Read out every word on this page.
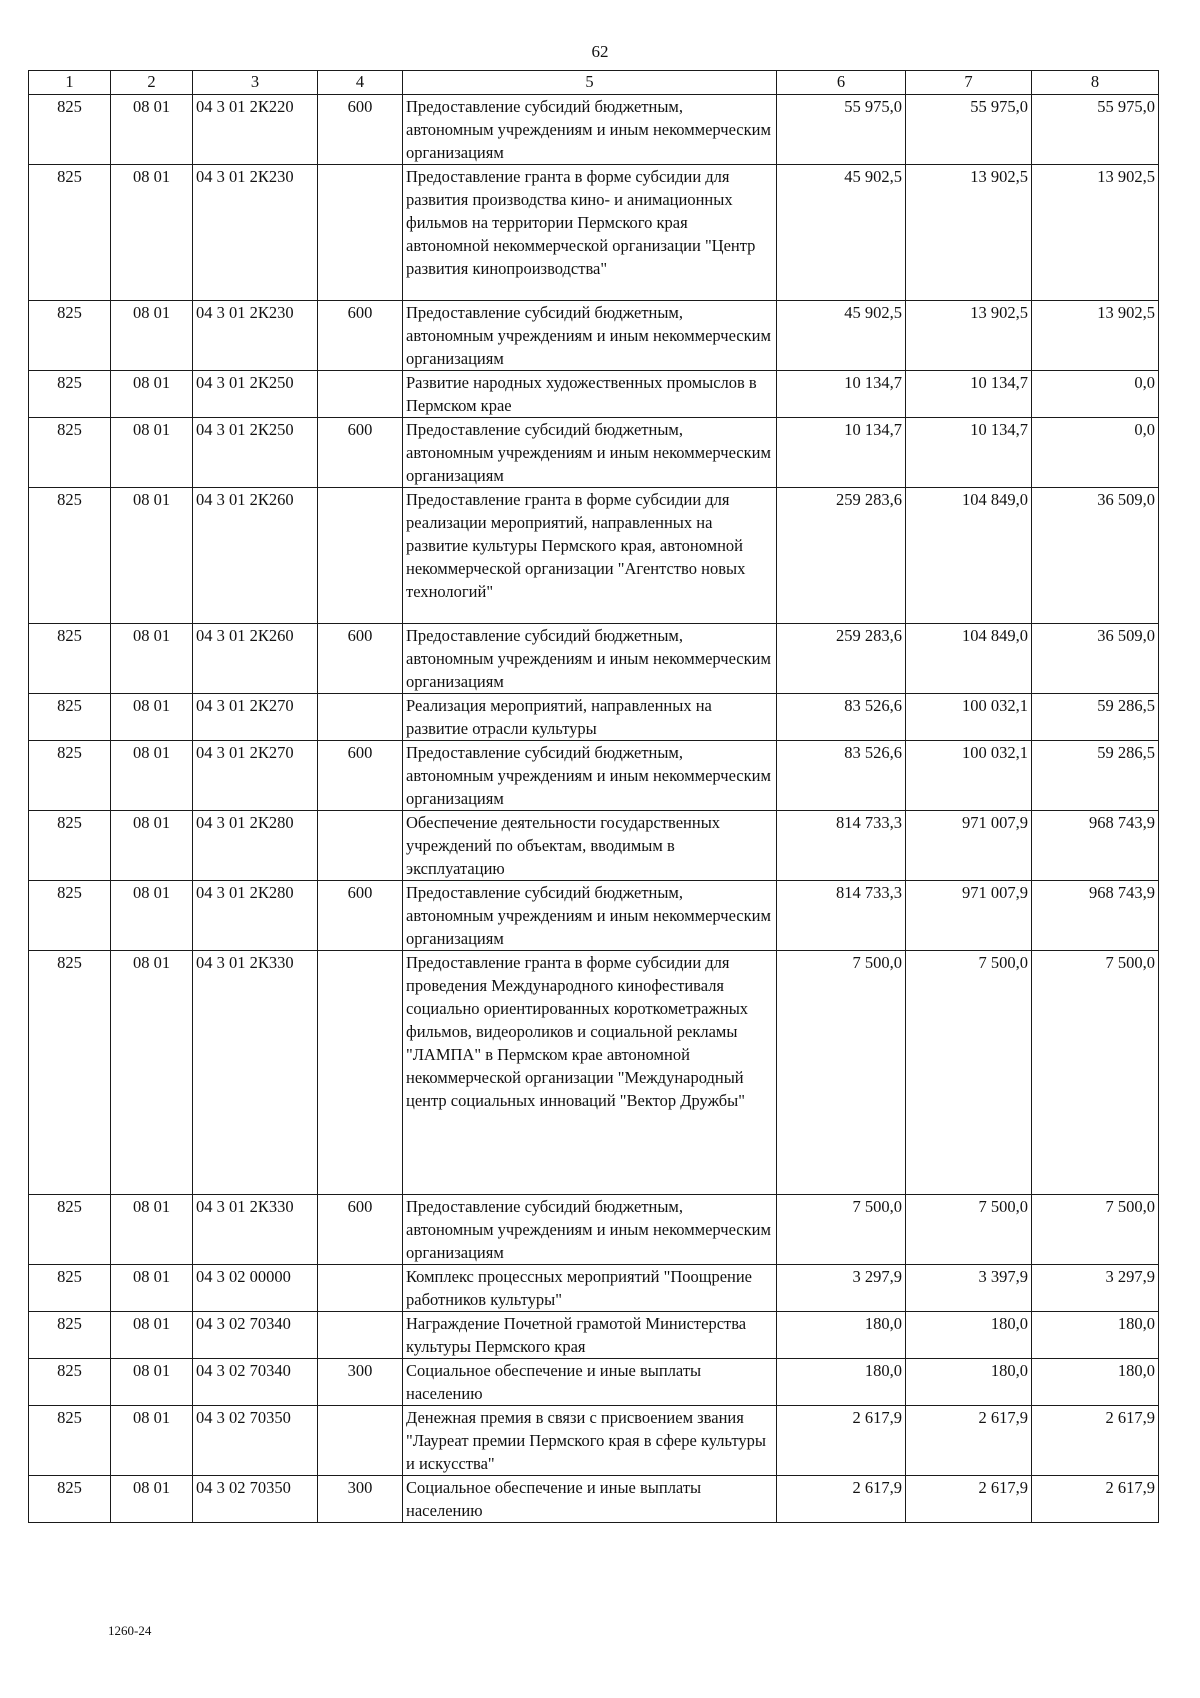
62
1	2	3	4	5	6	7	8
825	08 01	04 3 01 2К220	600	Предоставление субсидий бюджетным, автономным учреждениям и иным некоммерческим организациям	55 975,0	55 975,0	55 975,0
825	08 01	04 3 01 2К230		Предоставление гранта в форме субсидии для развития производства кино- и анимационных фильмов на территории Пермского края автономной некоммерческой организации "Центр развития кинопроизводства"	45 902,5	13 902,5	13 902,5
825	08 01	04 3 01 2К230	600	Предоставление субсидий бюджетным, автономным учреждениям и иным некоммерческим организациям	45 902,5	13 902,5	13 902,5
825	08 01	04 3 01 2К250		Развитие народных художественных промыслов в Пермском крае	10 134,7	10 134,7	0,0
825	08 01	04 3 01 2К250	600	Предоставление субсидий бюджетным, автономным учреждениям и иным некоммерческим организациям	10 134,7	10 134,7	0,0
825	08 01	04 3 01 2К260		Предоставление гранта в форме субсидии для реализации мероприятий, направленных на развитие культуры Пермского края, автономной некоммерческой организации "Агентство новых технологий"	259 283,6	104 849,0	36 509,0
825	08 01	04 3 01 2К260	600	Предоставление субсидий бюджетным, автономным учреждениям и иным некоммерческим организациям	259 283,6	104 849,0	36 509,0
825	08 01	04 3 01 2К270		Реализация мероприятий, направленных на развитие отрасли культуры	83 526,6	100 032,1	59 286,5
825	08 01	04 3 01 2К270	600	Предоставление субсидий бюджетным, автономным учреждениям и иным некоммерческим организациям	83 526,6	100 032,1	59 286,5
825	08 01	04 3 01 2К280		Обеспечение деятельности государственных учреждений по объектам, вводимым в эксплуатацию	814 733,3	971 007,9	968 743,9
825	08 01	04 3 01 2К280	600	Предоставление субсидий бюджетным, автономным учреждениям и иным некоммерческим организациям	814 733,3	971 007,9	968 743,9
825	08 01	04 3 01 2К330		Предоставление гранта в форме субсидии для проведения Международного кинофестиваля социально ориентированных короткометражных фильмов, видеороликов и социальной рекламы "ЛАМПА" в Пермском крае автономной некоммерческой организации "Международный центр социальных инноваций "Вектор Дружбы"	7 500,0	7 500,0	7 500,0
825	08 01	04 3 01 2К330	600	Предоставление субсидий бюджетным, автономным учреждениям и иным некоммерческим организациям	7 500,0	7 500,0	7 500,0
825	08 01	04 3 02 00000		Комплекс процессных мероприятий "Поощрение работников культуры"	3 297,9	3 397,9	3 297,9
825	08 01	04 3 02 70340		Награждение Почетной грамотой Министерства культуры Пермского края	180,0	180,0	180,0
825	08 01	04 3 02 70340	300	Социальное обеспечение и иные выплаты населению	180,0	180,0	180,0
825	08 01	04 3 02 70350		Денежная премия в связи с присвоением звания "Лауреат премии Пермского края в сфере культуры и искусства"	2 617,9	2 617,9	2 617,9
825	08 01	04 3 02 70350	300	Социальное обеспечение и иные выплаты населению	2 617,9	2 617,9	2 617,9
1260-24
